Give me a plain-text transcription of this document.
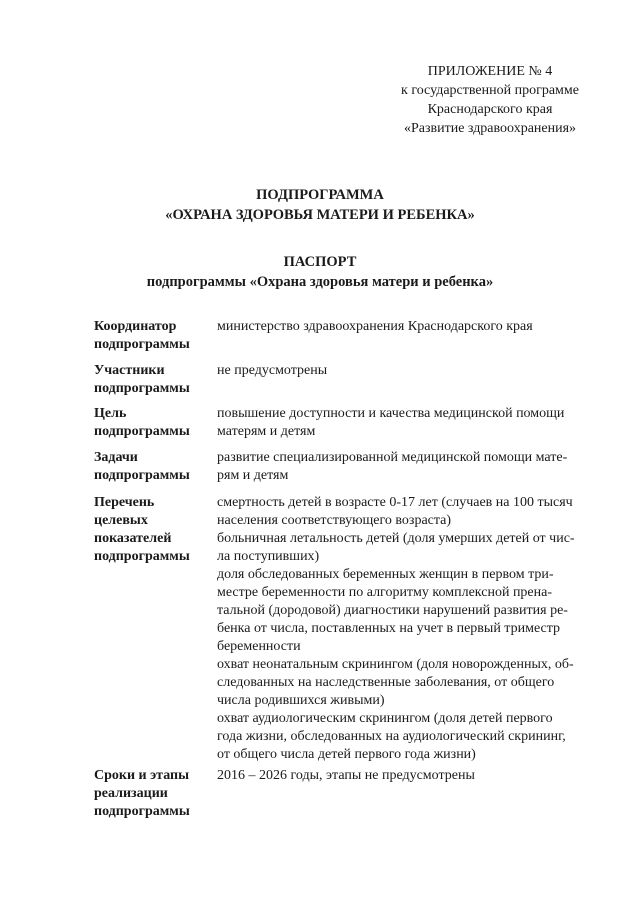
ПРИЛОЖЕНИЕ № 4
к государственной программе
Краснодарского края
«Развитие здравоохранения»
ПОДПРОГРАММА
«ОХРАНА ЗДОРОВЬЯ МАТЕРИ И РЕБЕНКА»
ПАСПОРТ
подпрограммы «Охрана здоровья матери и ребенка»
Координатор
подпрограммы
министерство здравоохранения Краснодарского края
Участники
подпрограммы
не предусмотрены
Цель
подпрограммы
повышение доступности и качества медицинской помощи
матерям и детям
Задачи
подпрограммы
развитие специализированной медицинской помощи мате-
рям и детям
Перечень
целевых
показателей
подпрограммы
смертность детей в возрасте 0-17 лет (случаев на 100 тысяч
населения соответствующего возраста)
больничная летальность детей (доля умерших детей от чис-
ла поступивших)
доля обследованных беременных женщин в первом три-
местре беременности по алгоритму комплексной прена-
тальной (дородовой) диагностики нарушений развития ре-
бенка от числа, поставленных на учет в первый триместр
беременности
охват неонатальным скринингом (доля новорожденных, об-
следованных на наследственные заболевания, от общего
числа родившихся живыми)
охват аудиологическим скринингом (доля детей первого
года жизни, обследованных на аудиологический скрининг,
от общего числа детей первого года жизни)
Сроки и этапы
реализации
подпрограммы
2016 – 2026 годы, этапы не предусмотрены
